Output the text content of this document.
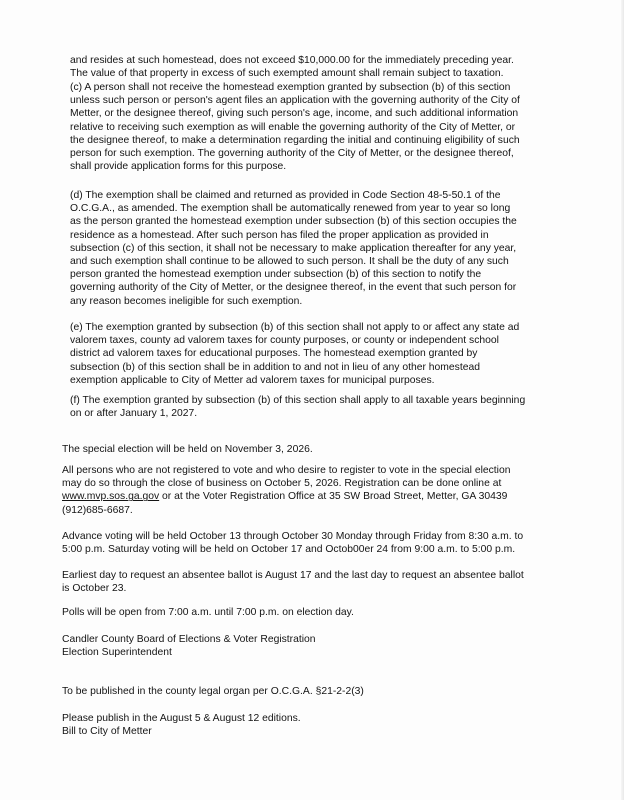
and resides at such homestead, does not exceed $10,000.00 for the immediately preceding year.
The value of that property in excess of such exempted amount shall remain subject to taxation.

(c) A person shall not receive the homestead exemption granted by subsection (b) of this section
unless such person or person's agent files an application with the governing authority of the City of
Metter, or the designee thereof, giving such person's age, income, and such additional information
relative to receiving such exemption as will enable the governing authority of the City of Metter, or
the designee thereof, to make a determination regarding the initial and continuing eligibility of such
person for such exemption. The governing authority of the City of Metter, or the designee thereof,
shall provide application forms for this purpose.

(d) The exemption shall be claimed and returned as provided in Code Section 48-5-50.1 of the
O.C.G.A., as amended. The exemption shall be automatically renewed from year to year so long
as the person granted the homestead exemption under subsection (b) of this section occupies the
residence as a homestead. After such person has filed the proper application as provided in
subsection (c) of this section, it shall not be necessary to make application thereafter for any year,
and such exemption shall continue to be allowed to such person. It shall be the duty of any such
person granted the homestead exemption under subsection (b) of this section to notify the
governing authority of the City of Metter, or the designee thereof, in the event that such person for
any reason becomes ineligible for such exemption.

(e) The exemption granted by subsection (b) of this section shall not apply to or affect any state ad
valorem taxes, county ad valorem taxes for county purposes, or county or independent school
district ad valorem taxes for educational purposes. The homestead exemption granted by
subsection (b) of this section shall be in addition to and not in lieu of any other homestead
exemption applicable to City of Metter ad valorem taxes for municipal purposes.

(f) The exemption granted by subsection (b) of this section shall apply to all taxable years beginning
on or after January 1, 2027.

The special election will be held on November 3, 2026.

All persons who are not registered to vote and who desire to register to vote in the special election
may do so through the close of business on October 5, 2026. Registration can be done online at
www.mvp.sos.ga.gov or at the Voter Registration Office at 35 SW Broad Street, Metter, GA 30439
(912)685-6687.

Advance voting will be held October 13 through October 30 Monday through Friday from 8:30 a.m. to
5:00 p.m. Saturday voting will be held on October 17 and Octob00er 24 from 9:00 a.m. to 5:00 p.m.

Earliest day to request an absentee ballot is August 17 and the last day to request an absentee ballot
is October 23.

Polls will be open from 7:00 a.m. until 7:00 p.m. on election day.

Candler County Board of Elections & Voter Registration
Election Superintendent

To be published in the county legal organ per O.C.G.A. §21-2-2(3)

Please publish in the August 5 & August 12 editions.
Bill to City of Metter
